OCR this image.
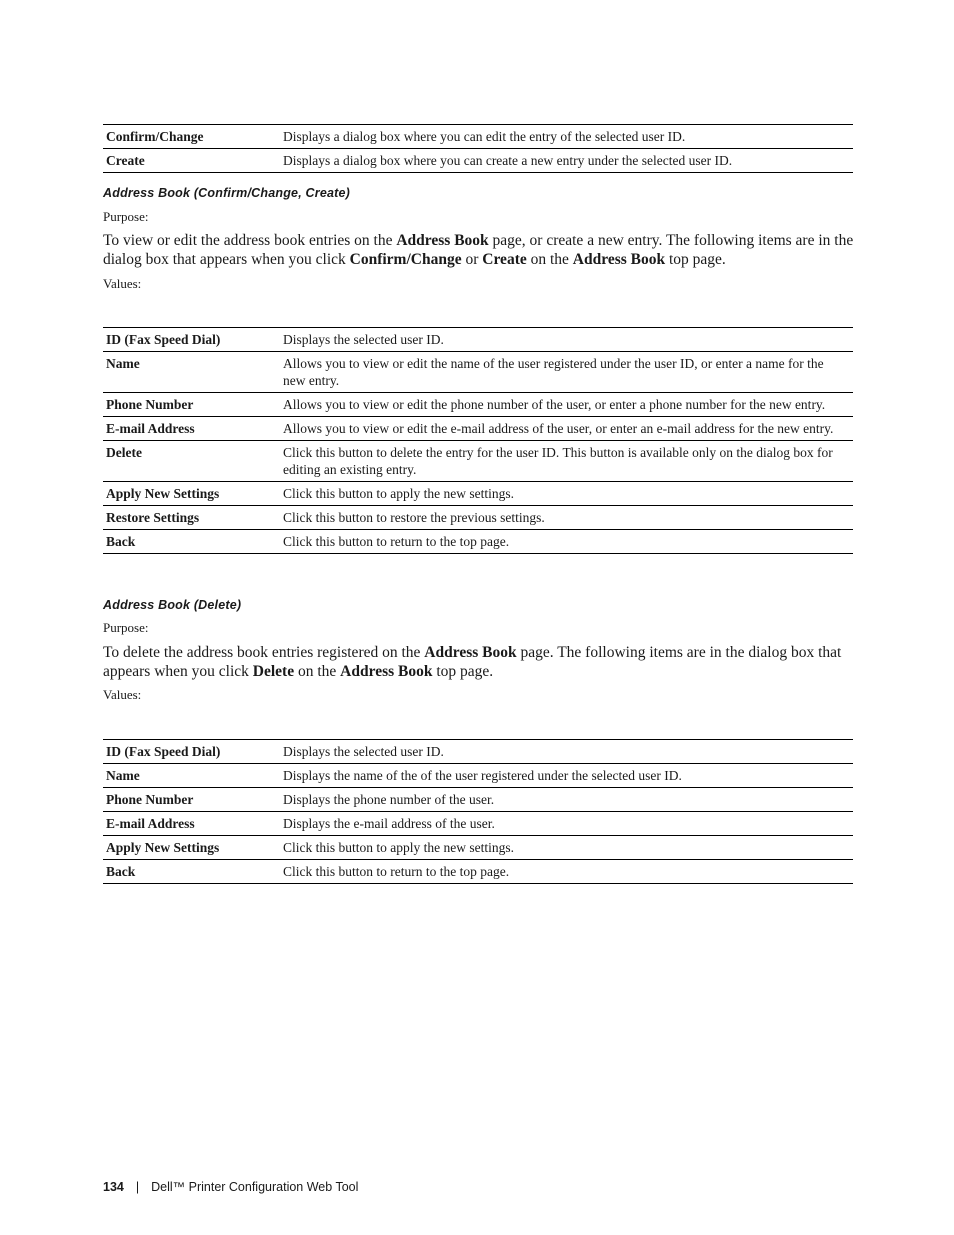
Confirm/Change	Displays a dialog box where you can edit the entry of the selected user ID.
Create	Displays a dialog box where you can create a new entry under the selected user ID.
Address Book (Confirm/Change, Create)
Purpose:

To view or edit the address book entries on the Address Book page, or create a new entry. The following items are in the dialog box that appears when you click Confirm/Change or Create on the Address Book top page.

Values:
ID (Fax Speed Dial)	Displays the selected user ID.
Name	Allows you to view or edit the name of the user registered under the user ID, or enter a name for the new entry.
Phone Number	Allows you to view or edit the phone number of the user, or enter a phone number for the new entry.
E-mail Address	Allows you to view or edit the e-mail address of the user, or enter an e-mail address for the new entry.
Delete	Click this button to delete the entry for the user ID. This button is available only on the dialog box for editing an existing entry.
Apply New Settings	Click this button to apply the new settings.
Restore Settings	Click this button to restore the previous settings.
Back	Click this button to return to the top page.
Address Book (Delete)
Purpose:

To delete the address book entries registered on the Address Book page. The following items are in the dialog box that appears when you click Delete on the Address Book top page.

Values:
ID (Fax Speed Dial)	Displays the selected user ID.
Name	Displays the name of the of the user registered under the selected user ID.
Phone Number	Displays the phone number of the user.
E-mail Address	Displays the e-mail address of the user.
Apply New Settings	Click this button to apply the new settings.
Back	Click this button to return to the top page.
134 | Dell™ Printer Configuration Web Tool
